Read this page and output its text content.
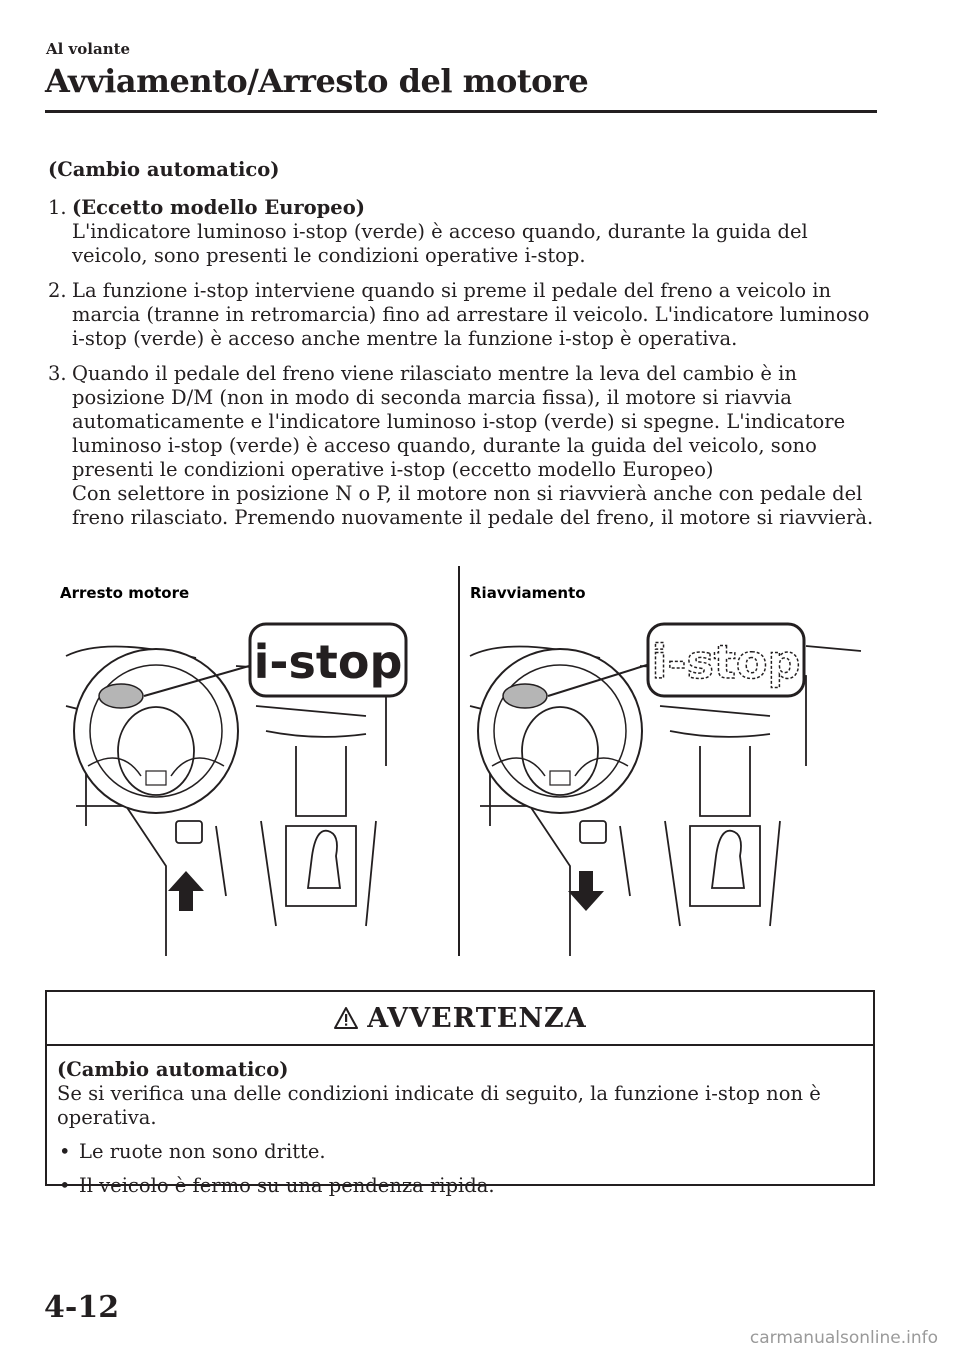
Al volante
Avviamento/Arresto del motore
(Cambio automatico)
1. (Eccetto modello Europeo)
L'indicatore luminoso i-stop (verde) è acceso quando, durante la guida del veicolo, sono presenti le condizioni operative i-stop.
2. La funzione i-stop interviene quando si preme il pedale del freno a veicolo in marcia (tranne in retromarcia) fino ad arrestare il veicolo. L'indicatore luminoso i-stop (verde) è acceso anche mentre la funzione i-stop è operativa.
3. Quando il pedale del freno viene rilasciato mentre la leva del cambio è in posizione D/M (non in modo di seconda marcia fissa), il motore si riavvia automaticamente e l'indicatore luminoso i-stop (verde) si spegne. L'indicatore luminoso i-stop (verde) è acceso quando, durante la guida del veicolo, sono presenti le condizioni operative i-stop (eccetto modello Europeo)
Con selettore in posizione N o P, il motore non si riavvierà anche con pedale del freno rilasciato. Premendo nuovamente il pedale del freno, il motore si riavvierà.
Arresto motore	Riavviamento
i-stop	i-stop
AVVERTENZA
(Cambio automatico)
Se si verifica una delle condizioni indicate di seguito, la funzione i-stop non è operativa.
• Le ruote non sono dritte.
• Il veicolo è fermo su una pendenza ripida.
4-12
carmanualsonline.info
